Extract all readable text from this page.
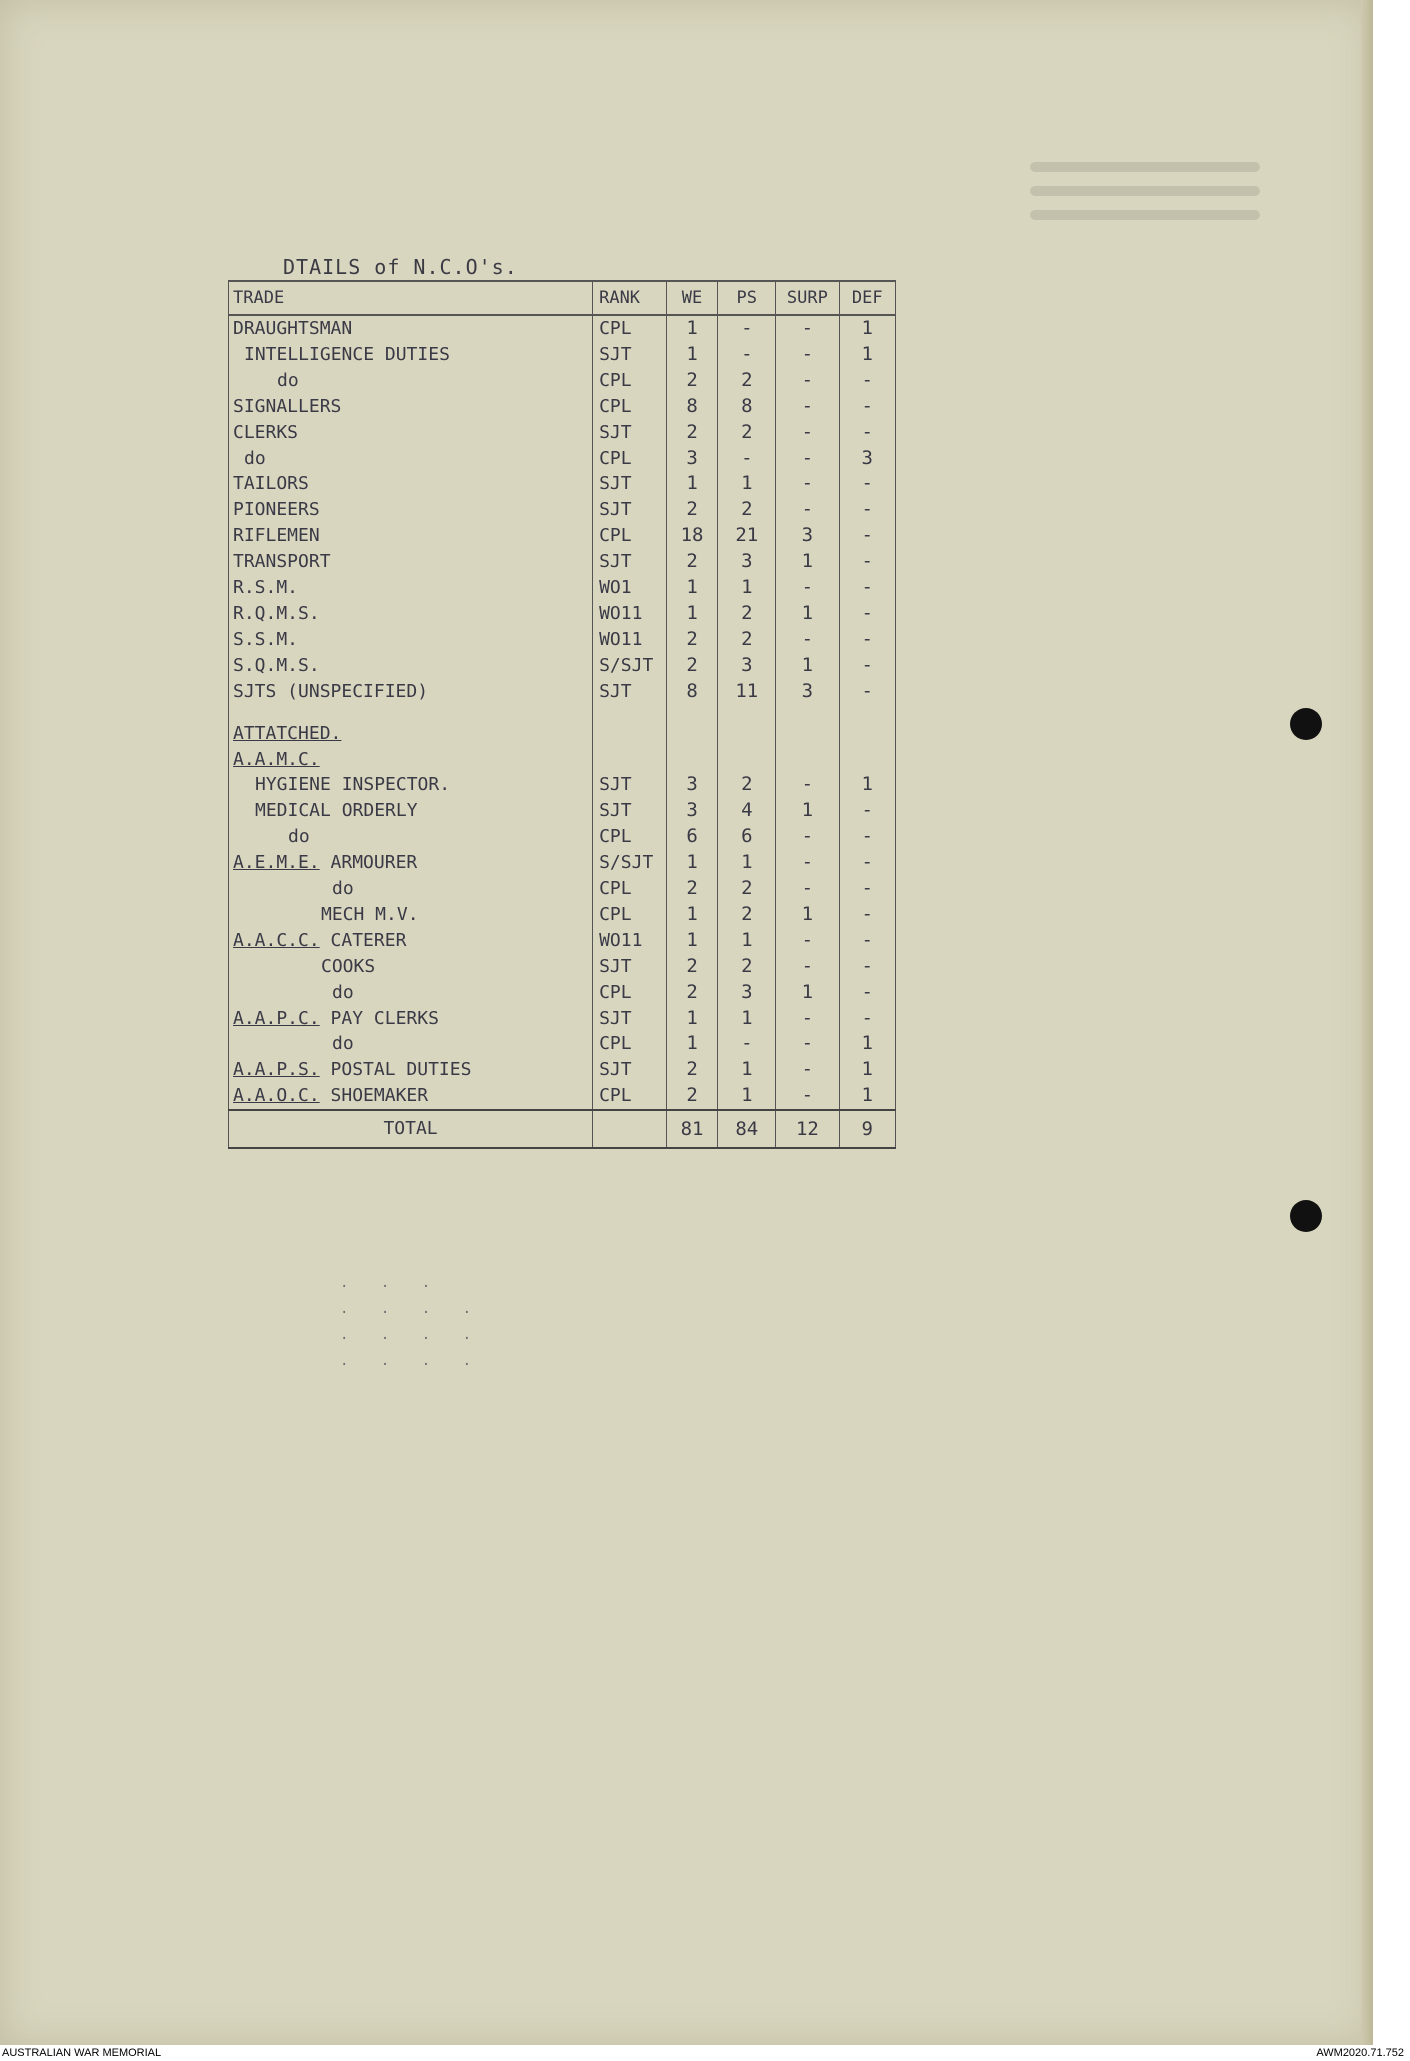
DTAILS of N.C.O's.
TRADE	RANK	WE	PS	SURP	DEF
DRAUGHTSMAN	CPL	1	-	-	1
INTELLIGENCE DUTIES	SJT	1	-	-	1
do	CPL	2	2	-	-
SIGNALLERS	CPL	8	8	-	-
CLERKS	SJT	2	2	-	-
do	CPL	3	-	-	3
TAILORS	SJT	1	1	-	-
PIONEERS	SJT	2	2	-	-
RIFLEMEN	CPL	18	21	3	-
TRANSPORT	SJT	2	3	1	-
R.S.M.	WO1	1	1	-	-
R.Q.M.S.	WO11	1	2	1	-
S.S.M.	WO11	2	2	-	-
S.Q.M.S.	S/SJT	2	3	1	-
SJTS (UNSPECIFIED)	SJT	8	11	3	-

ATTATCHED.					
A.A.M.C.					
HYGIENE INSPECTOR.	SJT	3	2	-	1
MEDICAL ORDERLY	SJT	3	4	1	-
do	CPL	6	6	-	-
A.E.M.E. ARMOURER	S/SJT	1	1	-	-
do	CPL	2	2	-	-
MECH M.V.	CPL	1	2	1	-
A.A.C.C. CATERER	WO11	1	1	-	-
COOKS	SJT	2	2	-	-
do	CPL	2	3	1	-
A.A.P.C. PAY CLERKS	SJT	1	1	-	-
do	CPL	1	-	-	1
A.A.P.S. POSTAL DUTIES	SJT	2	1	-	1
A.A.O.C. SHOEMAKER	CPL	2	1	-	1
TOTAL		81	84	12	9
. . .
. . . .
. . . .
. . . .
AUSTRALIAN WAR MEMORIAL	AWM2020.71.752
